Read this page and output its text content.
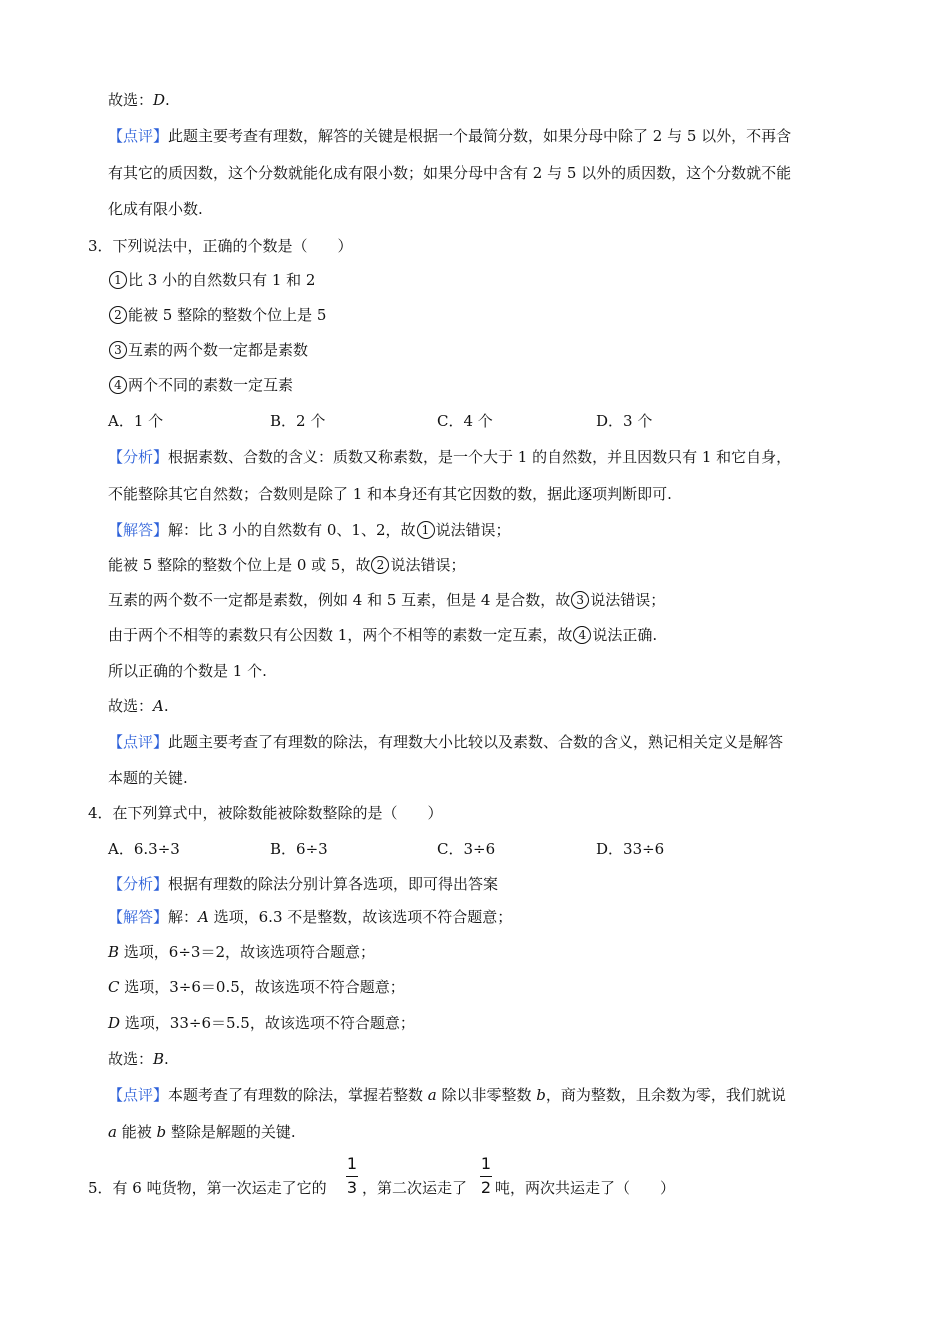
故选：D.
【点评】此题主要考查有理数，解答的关键是根据一个最简分数，如果分母中除了 2 与 5 以外，不再含
有其它的质因数，这个分数就能化成有限小数；如果分母中含有 2 与 5 以外的质因数，这个分数就不能
化成有限小数.
3．下列说法中，正确的个数是（　　）
1 比 3 小的自然数只有 1 和 2
2 能被 5 整除的整数个位上是 5
3 互素的两个数一定都是素数
4 两个不同的素数一定互素
A．1 个	B．2 个	C．4 个	D．3 个
【分析】根据素数、合数的含义：质数又称素数，是一个大于 1 的自然数，并且因数只有 1 和它自身，
不能整除其它自然数；合数则是除了 1 和本身还有其它因数的数，据此逐项判断即可.
【解答】解：比 3 小的自然数有 0、1、2，故 1 说法错误；
能被 5 整除的整数个位上是 0 或 5，故 2 说法错误；
互素的两个数不一定都是素数，例如 4 和 5 互素，但是 4 是合数，故 3 说法错误；
由于两个不相等的素数只有公因数 1，两个不相等的素数一定互素，故 4 说法正确.
所以正确的个数是 1 个.
故选：A.
【点评】此题主要考查了有理数的除法，有理数大小比较以及素数、合数的含义，熟记相关定义是解答
本题的关键.
4．在下列算式中，被除数能被除数整除的是（　　）
A．6.3÷3	B．6÷3	C．3÷6	D．33÷6
【分析】根据有理数的除法分别计算各选项，即可得出答案
【解答】解：A 选项，6.3 不是整数，故该选项不符合题意；
B 选项，6÷3＝2，故该选项符合题意；
C 选项，3÷6＝0.5，故该选项不符合题意；
D 选项，33÷6＝5.5，故该选项不符合题意；
故选：B.
【点评】本题考查了有理数的除法，掌握若整数 a 除以非零整数 b，商为整数，且余数为零，我们就说
a 能被 b 整除是解题的关键.
5．有 6 吨货物，第一次运走了它的
1
3 ，第二次运走了
1
2 吨，两次共运走了（　　）
